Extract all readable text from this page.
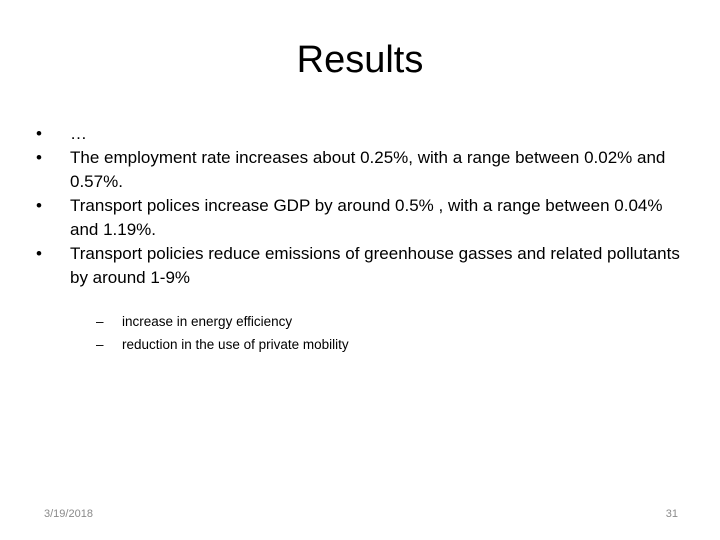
Results
•	…
•	The employment rate increases about 0.25%, with a range between 0.02% and 0.57%.
•	Transport polices increase GDP by around 0.5% , with a range between 0.04% and 1.19%.
•	Transport policies reduce emissions of greenhouse gasses and related pollutants by around 1-9%
– increase in energy efficiency
– reduction in the use of private mobility
3/19/2018	31
